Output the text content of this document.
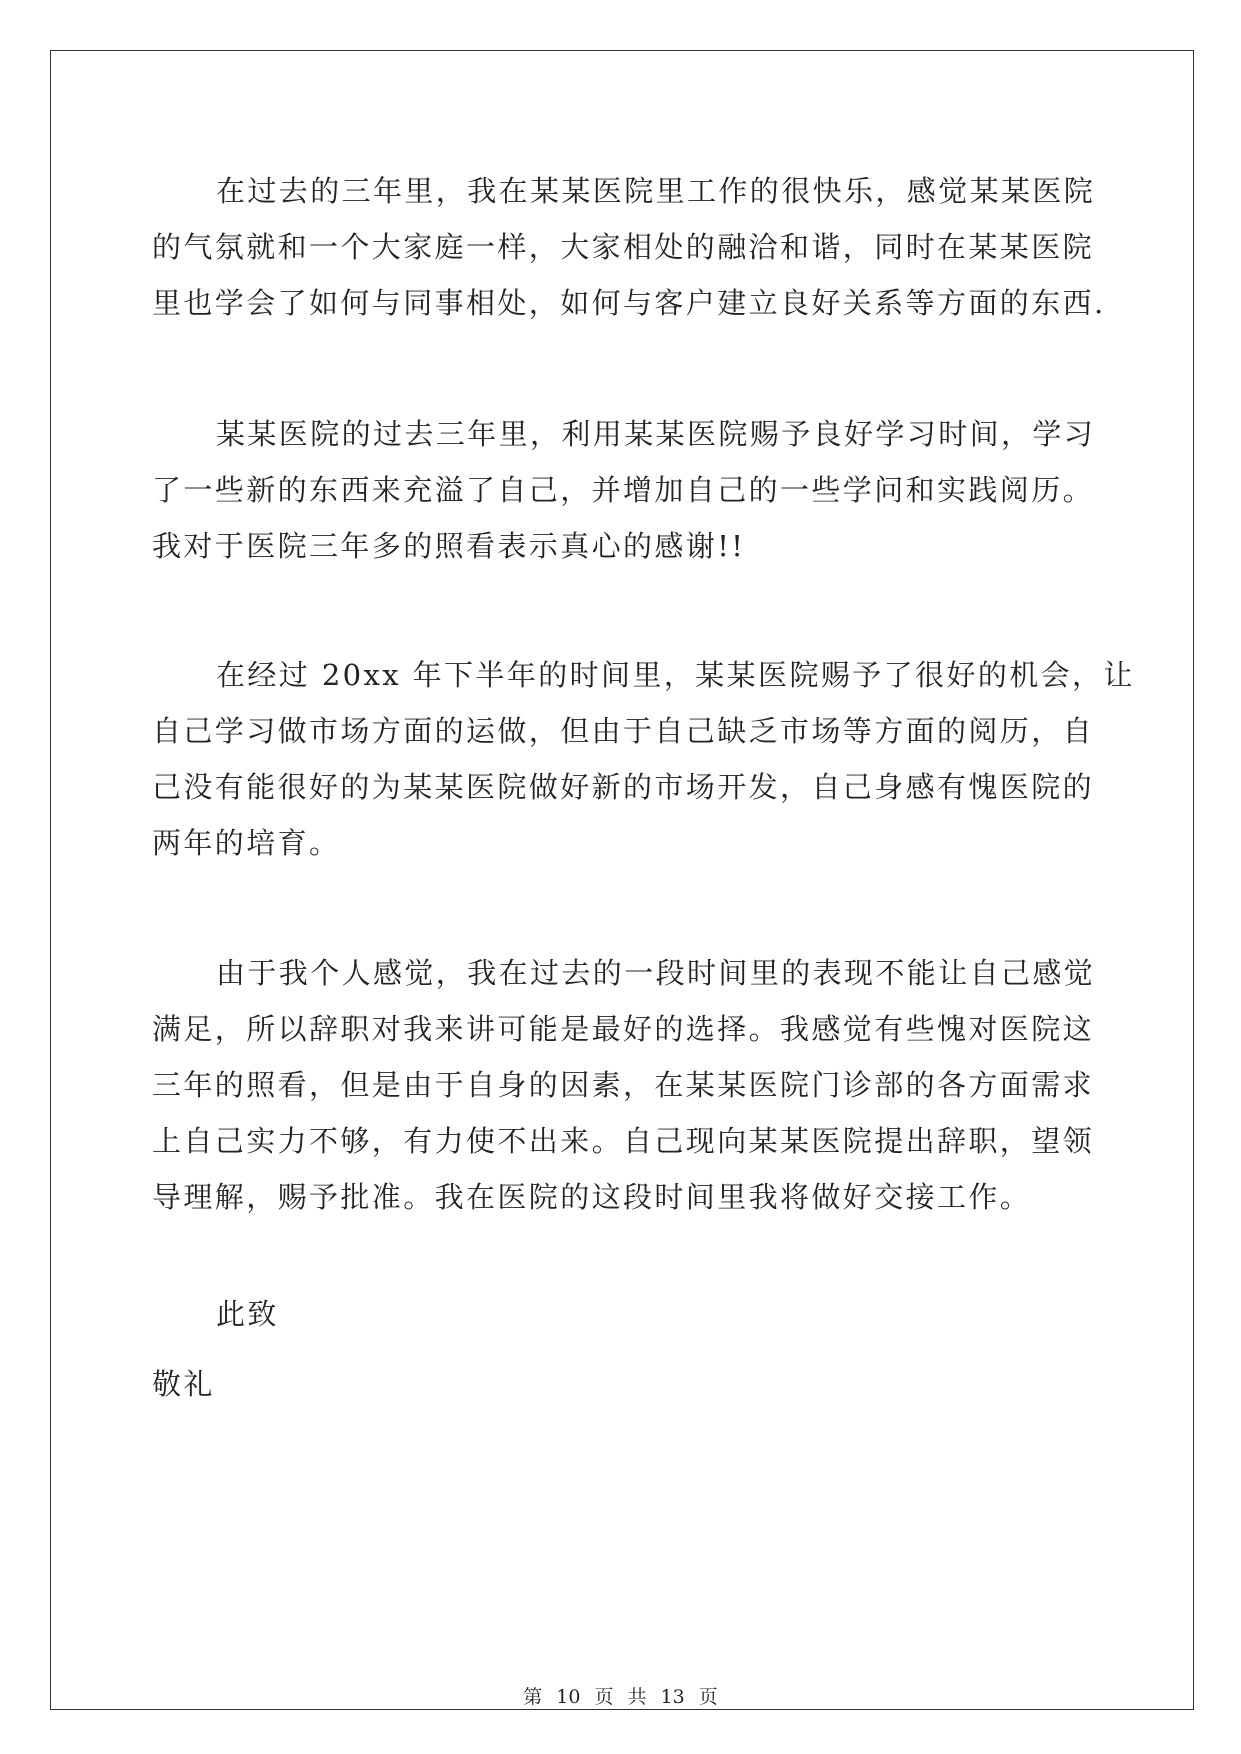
在过去的三年里，我在某某医院里工作的很快乐，感觉某某医院
的气氛就和一个大家庭一样，大家相处的融洽和谐，同时在某某医院
里也学会了如何与同事相处，如何与客户建立良好关系等方面的东西.
某某医院的过去三年里，利用某某医院赐予良好学习时间，学习
了一些新的东西来充溢了自己，并增加自己的一些学问和实践阅历。
我对于医院三年多的照看表示真心的感谢!!
在经过 20xx 年下半年的时间里，某某医院赐予了很好的机会，让
自己学习做市场方面的运做，但由于自己缺乏市场等方面的阅历，自
己没有能很好的为某某医院做好新的市场开发，自己身感有愧医院的
两年的培育。
由于我个人感觉，我在过去的一段时间里的表现不能让自己感觉
满足，所以辞职对我来讲可能是最好的选择。我感觉有些愧对医院这
三年的照看，但是由于自身的因素，在某某医院门诊部的各方面需求
上自己实力不够，有力使不出来。自己现向某某医院提出辞职，望领
导理解，赐予批准。我在医院的这段时间里我将做好交接工作。
此致
敬礼
第 10 页 共 13 页
